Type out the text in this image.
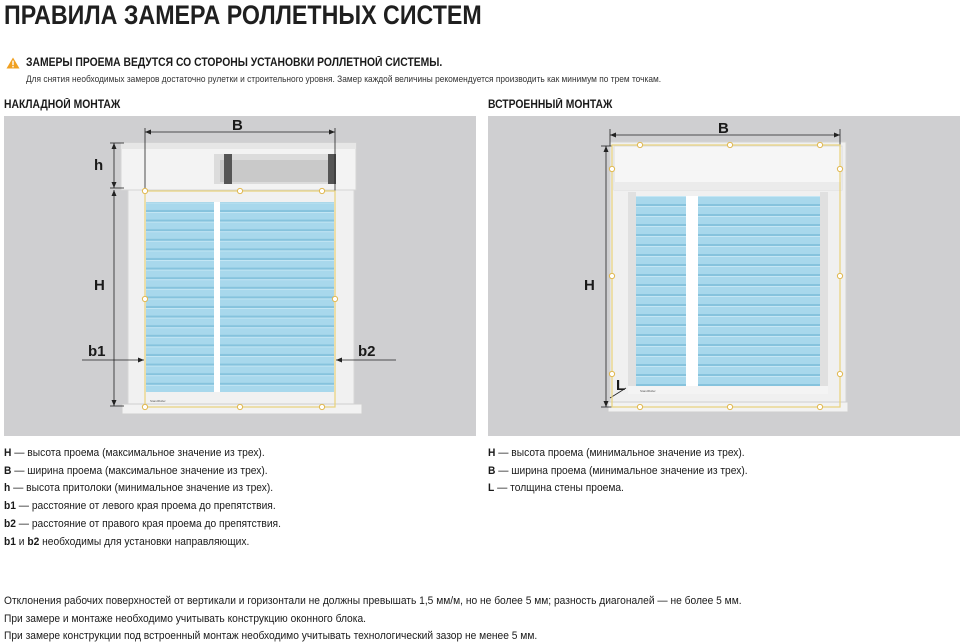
ПРАВИЛА ЗАМЕРА РОЛЛЕТНЫХ СИСТЕМ
ЗАМЕРЫ ПРОЕМА ВЕДУТСЯ СО СТОРОНЫ УСТАНОВКИ РОЛЛЕТНОЙ СИСТЕМЫ.
Для снятия необходимых замеров достаточно рулетки и строительного уровня. Замер каждой величины рекомендуется производить как минимум по трем точкам.
НАКЛАДНОЙ МОНТАЖ	ВСТРОЕННЫЙ МОНТАЖ
B
h
H
b1	b2
StandRoller
B
H
L	StandRoller
H — высота проема (максимальное значение из трех).
B — ширина проема (максимальное значение из трех).
h — высота притолоки (минимальное значение из трех).
b1 — расстояние от левого края проема до препятствия.
b2 — расстояние от правого края проема до препятствия.
b1 и b2 необходимы для установки направляющих.
H — высота проема (минимальное значение из трех).
B — ширина проема (минимальное значение из трех).
L — толщина стены проема.
Отклонения рабочих поверхностей от вертикали и горизонтали не должны превышать 1,5 мм/м, но не более 5 мм; разность диагоналей — не более 5 мм.
При замере и монтаже необходимо учитывать конструкцию оконного блока.
При замере конструкции под встроенный монтаж необходимо учитывать технологический зазор не менее 5 мм.
